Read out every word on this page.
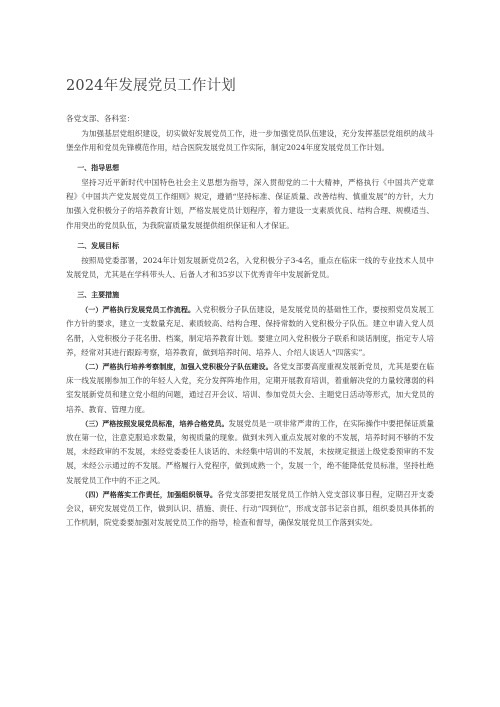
2024年发展党员工作计划

各党支部、各科室：

为加强基层党组织建设，切实做好发展党员工作，进一步加强党员队伍建设，充分发挥基层党组织的战斗堡垒作用和党员先锋模范作用，结合医院发展党员工作实际，制定2024年度发展党员工作计划。

一、指导思想

坚持习近平新时代中国特色社会主义思想为指导，深入贯彻党的二十大精神，严格执行《中国共产党章程》《中国共产党发展党员工作细则》规定，遵循“坚持标准、保证质量、改善结构、慎重发展”的方针，大力加强入党积极分子的培养教育计划，严格发展党员计划程序，着力建设一支素质优良、结构合理、规模适当、作用突出的党员队伍，为我院富质量发展提供组织保证和人才保证。

二、发展目标

按照局党委部署，2024年计划发展新党员2名，入党积极分子3-4名，重点在临床一线的专业技术人员中发展党员，尤其是在学科带头人、后备人才和35岁以下优秀青年中发展新党员。

三、主要措施

（一）严格执行发展党员工作流程。入党积极分子队伍建设，是发展党员的基础性工作，要按照党员发展工作方针的要求，建立一支数量充足、素质较高、结构合理、保持常数的入党积极分子队伍。建立申请入党人员名册，入党积极分子花名册、档案，制定培养教育计划。要建立同入党积极分子联系和谈话制度，指定专人培养，经常对其进行跟踪考察，培养教育，做到培养时间、培养人、介绍人谈话人“四落实”。

（二）严格执行培养考察制度，加强入党积极分子队伍建设。各党支部要高度重视发展新党员，尤其是要在临床一线发展刚参加工作的年轻人入党，充分发挥阵地作用，定期开展教育培训，着重解决党的力量较薄弱的科室发展新党员和建立党小组的问题，通过召开会议、培训、参加党员大会、主题党日活动等形式，加大党员的培养、教育、管理力度。

（三）严格按照发展党员标准，培养合格党员。发展党员是一项非常严肃的工作，在实际操作中要把保证质量放在第一位，注意克服追求数量，匆视质量的现象。做到未列入重点发展对象的不发展，培养时间不够的不发展，未经政审的不发展，未经党委委任人谈话的、未经集中培训的不发展，未按规定报送上级党委预审的不发展，未经公示通过的不发展。严格履行入党程序，做到成熟一个，发展一个，绝不能降低党员标准，坚持杜绝发展党员工作中的不正之风。

（四）严格落实工作责任，加强组织领导。各党支部要把发展党员工作纳入党支部议事日程，定期召开支委会议，研究发展党员工作，做到认识、措施、责任、行动“四到位”，形成支部书记亲自抓，组织委员具体抓的工作机制，院党委要加强对发展党员工作的指导，检查和督导，确保发展党员工作落到实处。
